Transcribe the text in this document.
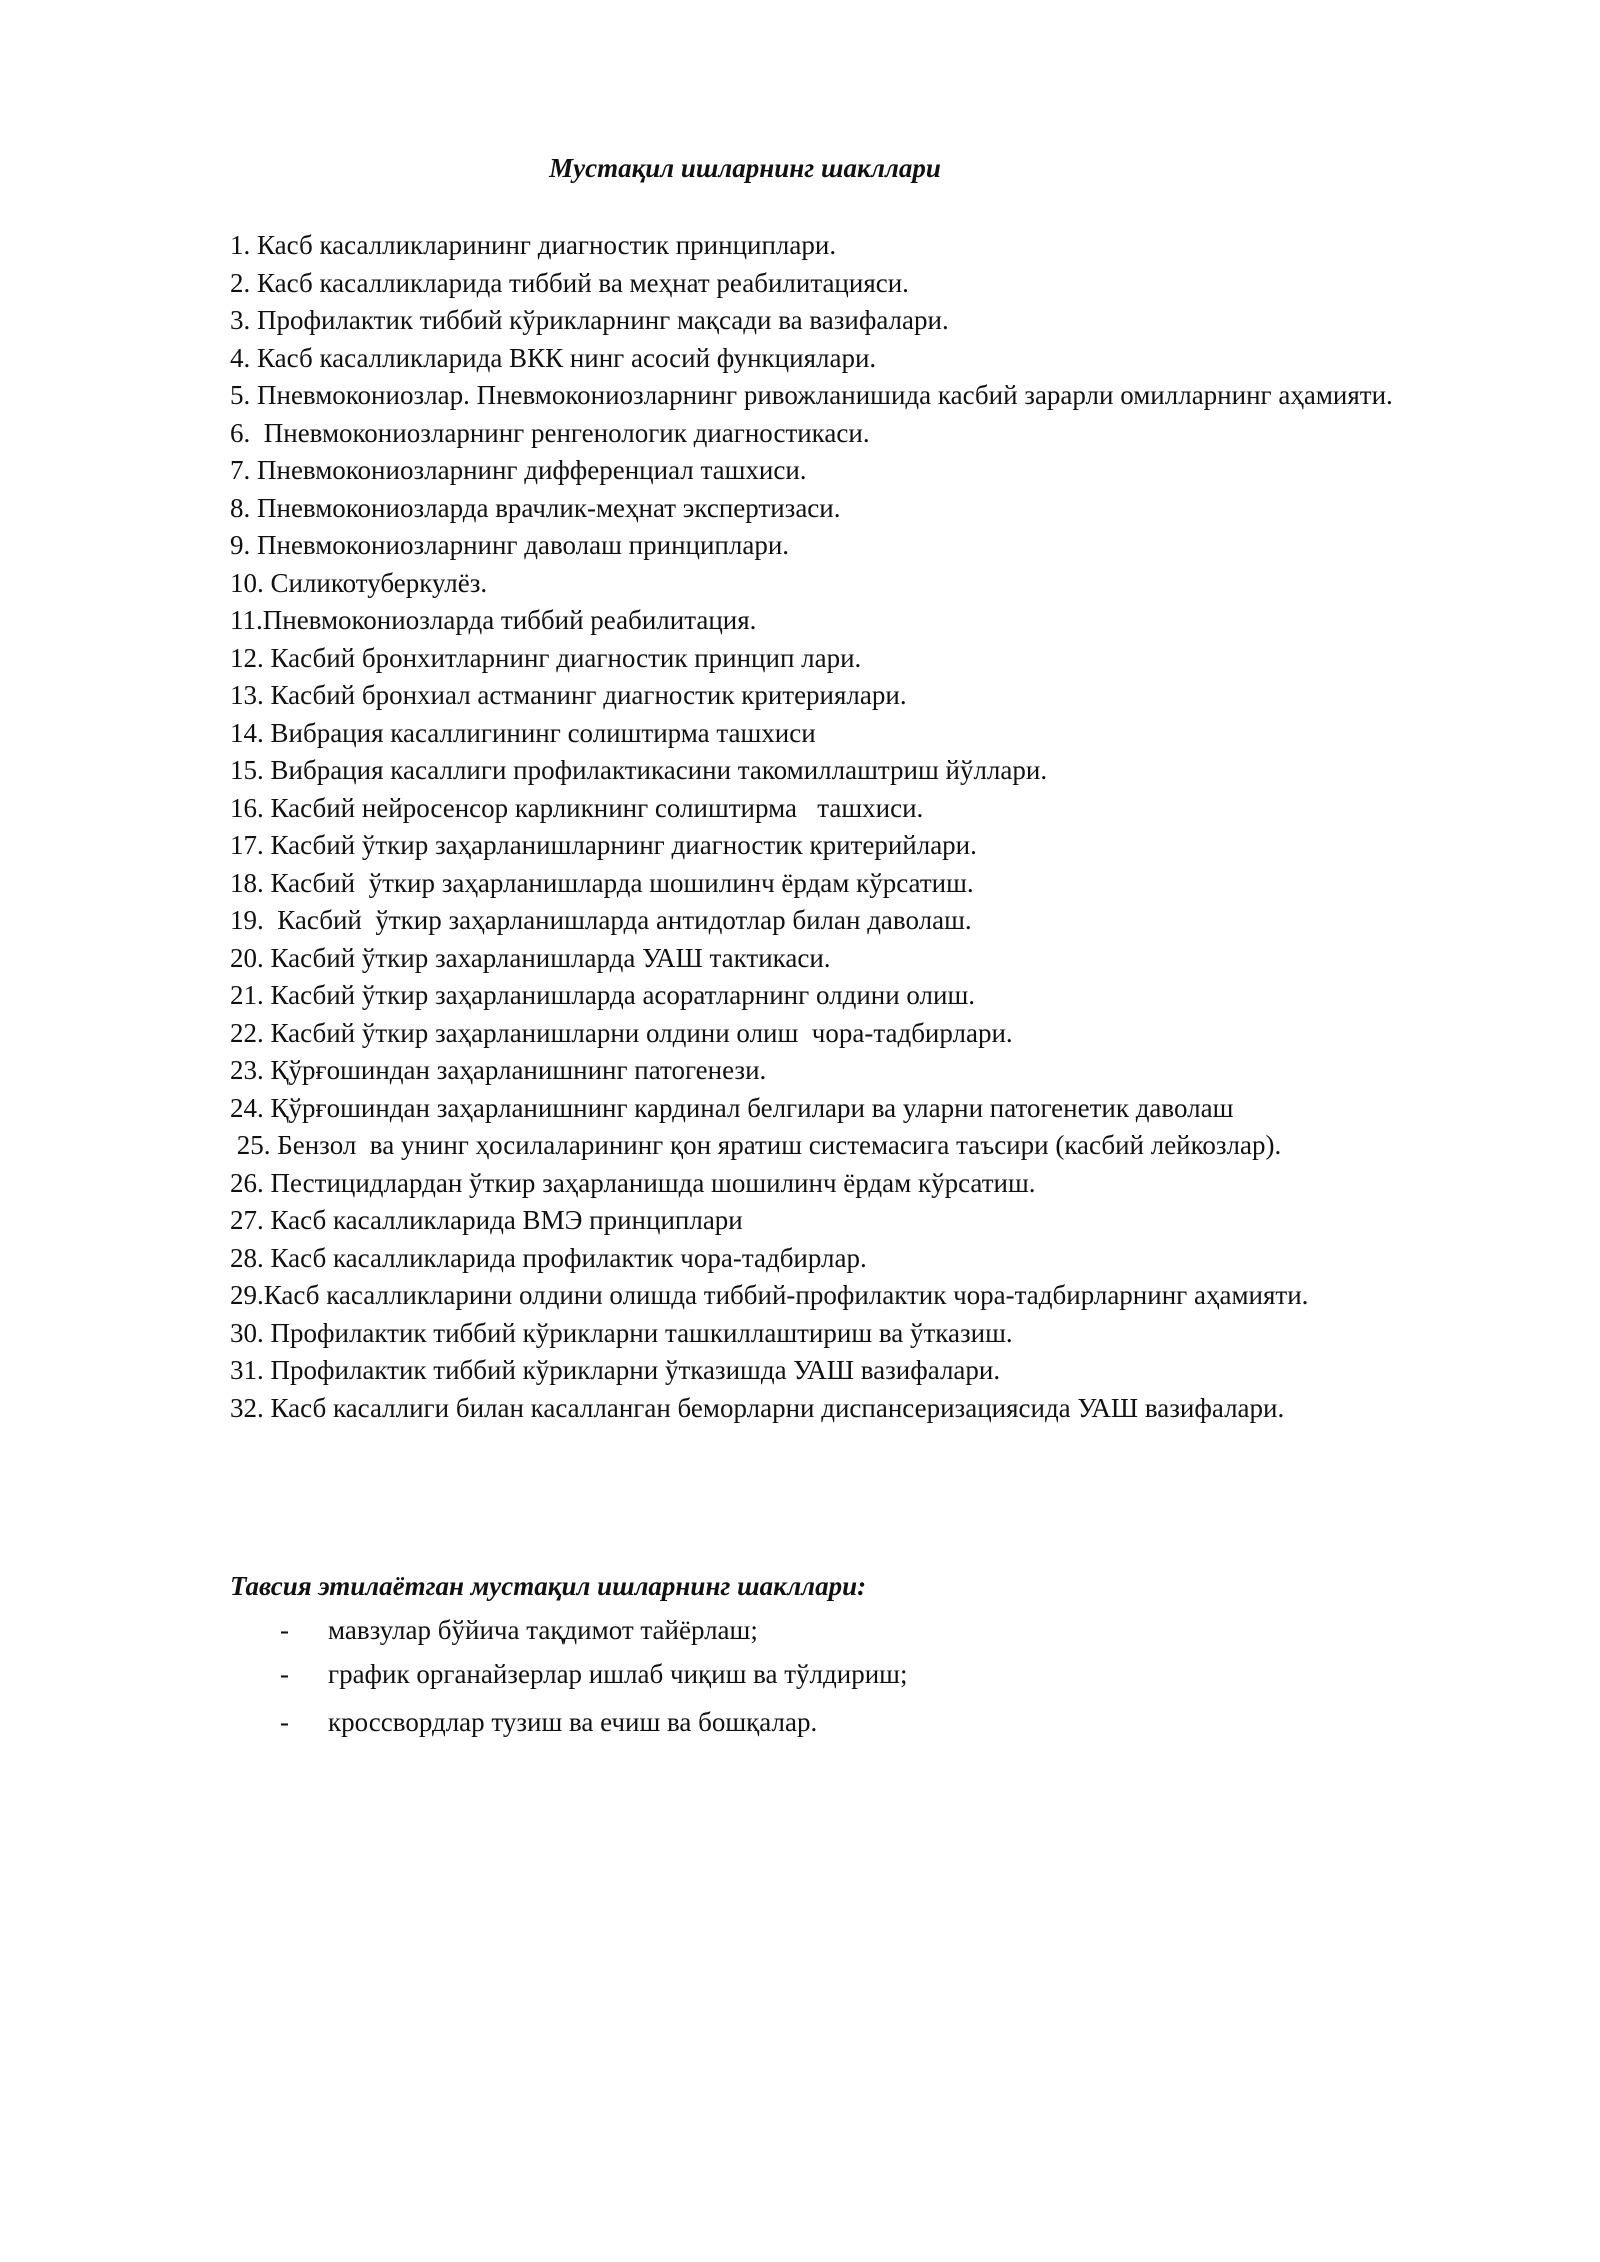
Мустақил ишларнинг шакллари
1. Касб касалликларининг диагностик принциплари.
2. Касб касалликларида тиббий ва меҳнат реабилитацияси.
3. Профилактик тиббий кўрикларнинг мақсади ва вазифалари.
4. Касб касалликларида ВКК нинг асосий функциялари.
5. Пневмокониозлар. Пневмокониозларнинг ривожланишида касбий зарарли омилларнинг аҳамияти.
6.  Пневмокониозларнинг ренгенологик диагностикаси.
7. Пневмокониозларнинг дифференциал ташхиси.
8. Пневмокониозларда врачлик-меҳнат экспертизаси.
9. Пневмокониозларнинг даволаш принциплари.
10. Силикотуберкулёз.
11.Пневмокониозларда тиббий реабилитация.
12. Касбий бронхитларнинг диагностик принцип лари.
13. Касбий бронхиал астманинг диагностик критериялари.
14. Вибрация касаллигининг солиштирма ташхиси
15. Вибрация касаллиги профилактикасини такомиллаштриш йўллари.
16. Касбий нейросенсор карликнинг солиштирма   ташхиси.
17. Касбий ўткир заҳарланишларнинг диагностик критерийлари.
18. Касбий  ўткир заҳарланишларда шошилинч ёрдам кўрсатиш.
19.  Касбий  ўткир заҳарланишларда антидотлар билан даволаш.
20. Касбий ўткир захарланишларда УАШ тактикаси.
21. Касбий ўткир заҳарланишларда асоратларнинг олдини олиш.
22. Касбий ўткир заҳарланишларни олдини олиш  чора-тадбирлари.
23. Қўрғошиндан заҳарланишнинг патогенези.
24. Қўрғошиндан заҳарланишнинг кардинал белгилари ва уларни патогенетик даволаш
25. Бензол  ва унинг ҳосилаларининг қон яратиш системасига таъсири (касбий лейкозлар).
26. Пестицидлардан ўткир заҳарланишда шошилинч ёрдам кўрсатиш.
27. Касб касалликларида ВМЭ принциплари
28. Касб касалликларида профилактик чора-тадбирлар.
29.Касб касалликларини олдини олишда тиббий-профилактик чора-тадбирларнинг аҳамияти.
30. Профилактик тиббий кўрикларни ташкиллаштириш ва ўтказиш.
31. Профилактик тиббий кўрикларни ўтказишда УАШ вазифалари.
32. Касб касаллиги билан касалланган беморларни диспансеризациясида УАШ вазифалари.
Тавсия этилаётган мустақил ишларнинг шакллари:
-	мавзулар бўйича тақдимот тайёрлаш;
-	график органайзерлар ишлаб чиқиш ва тўлдириш;
-	кроссвордлар тузиш ва ечиш ва бошқалар.
